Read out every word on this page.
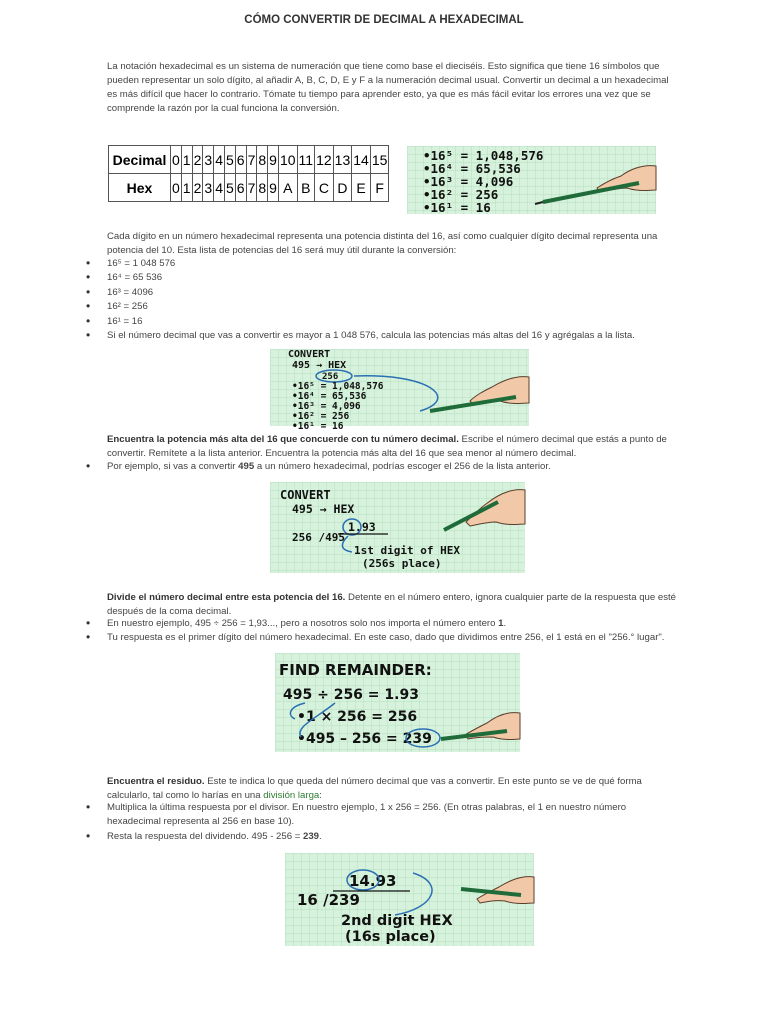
CÓMO CONVERTIR DE DECIMAL A HEXADECIMAL

La notación hexadecimal es un sistema de numeración que tiene como base el dieciséis. Esto significa que tiene 16 símbolos que pueden representar un solo dígito, al añadir A, B, C, D, E y F a la numeración decimal usual. Convertir un decimal a un hexadecimal es más difícil que hacer lo contrario. Tómate tu tiempo para aprender esto, ya que es más fácil evitar los errores una vez que se comprende la razón por la cual funciona la conversión.

Decimal	0	1	2	3	4	5	6	7	8	9	10	11	12	13	14	15
Hex	0	1	2	3	4	5	6	7	8	9	A	B	C	D	E	F
•16⁵ = 1,048,576
•16⁴ = 65,536
•16³ = 4,096
•16² = 256
•16¹ = 16

Cada dígito en un número hexadecimal representa una potencia distinta del 16, así como cualquier dígito decimal representa una potencia del 10. Esta lista de potencias del 16 será muy útil durante la conversión:

• 16⁵ = 1 048 576
• 16⁴ = 65 536
• 16³ = 4096
• 16² = 256
• 16¹ = 16
• Si el número decimal que vas a convertir es mayor a 1 048 576, calcula las potencias más altas del 16 y agrégalas a la lista.
CONVERT
495 → HEX
256
•16⁵ = 1,048,576
•16⁴ = 65,536
•16³ = 4,096
•16² = 256
•16¹ = 16

Encuentra la potencia más alta del 16 que concuerde con tu número decimal. Escribe el número decimal que estás a punto de convertir. Remítete a la lista anterior. Encuentra la potencia más alta del 16 que sea menor al número decimal.

• Por ejemplo, si vas a convertir 495 a un número hexadecimal, podrías escoger el 256 de la lista anterior.
CONVERT
495 → HEX
1.93
256 /495
1st digit of HEX
(256s place)

Divide el número decimal entre esta potencia del 16. Detente en el número entero, ignora cualquier parte de la respuesta que esté después de la coma decimal.

• En nuestro ejemplo, 495 ÷ 256 = 1,93..., pero a nosotros solo nos importa el número entero 1.
• Tu respuesta es el primer dígito del número hexadecimal. En este caso, dado que dividimos entre 256, el 1 está en el "256.° lugar".
FIND REMAINDER:
495 ÷ 256 = 1.93
•1 × 256 = 256
•495 – 256 = 239

Encuentra el residuo. Este te indica lo que queda del número decimal que vas a convertir. En este punto se ve de qué forma calcularlo, tal como lo harías en una división larga:

• Multiplica la última respuesta por el divisor. En nuestro ejemplo, 1 x 256 = 256. (En otras palabras, el 1 en nuestro número hexadecimal representa al 256 en base 10).
• Resta la respuesta del dividendo. 495 - 256 = 239.
14.93
16 /239
2nd digit HEX
(16s place)
